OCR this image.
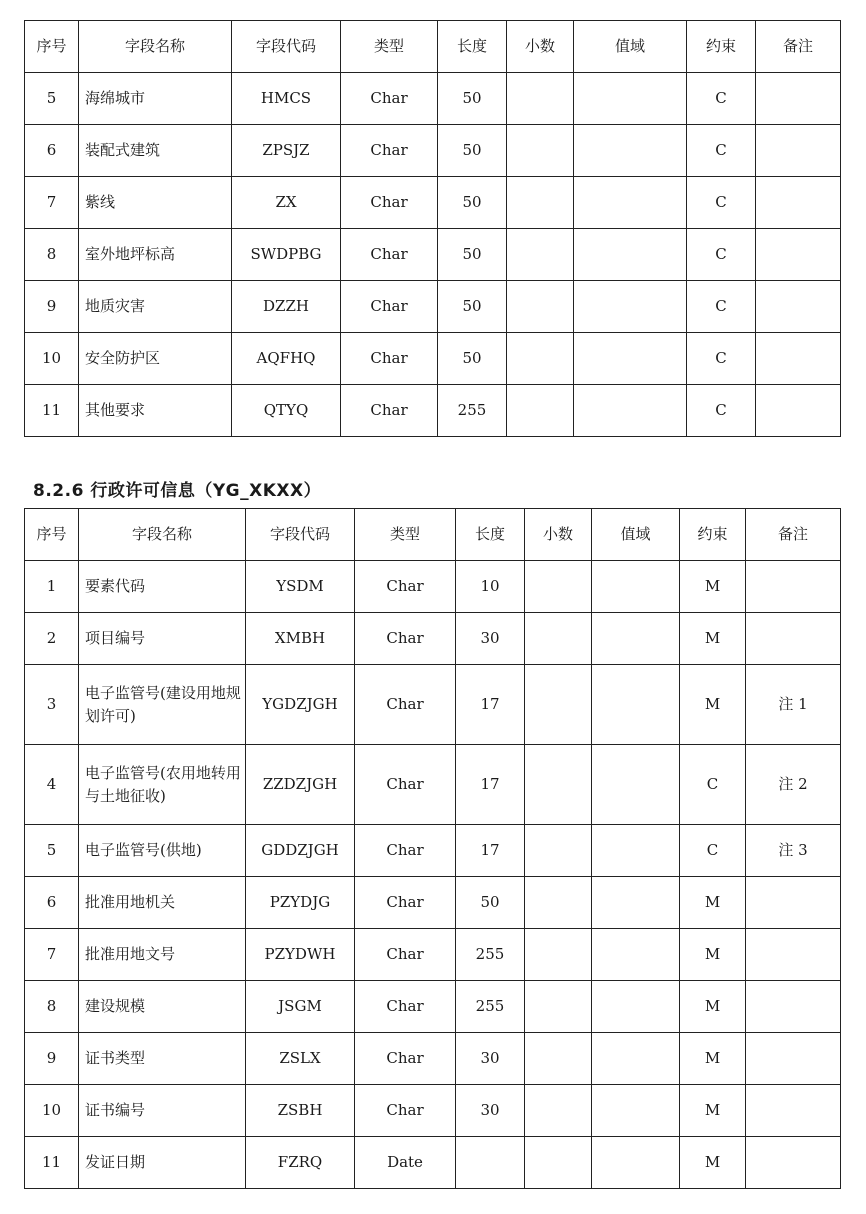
序号	字段名称	字段代码	类型	长度	小数	值域	约束	备注
5	海绵城市	HMCS	Char	50			C	
6	装配式建筑	ZPSJZ	Char	50			C	
7	紫线	ZX	Char	50			C	
8	室外地坪标高	SWDPBG	Char	50			C	
9	地质灾害	DZZH	Char	50			C	
10	安全防护区	AQFHQ	Char	50			C	
11	其他要求	QTYQ	Char	255			C	
8.2.6 行政许可信息（YG_XKXX）
序号	字段名称	字段代码	类型	长度	小数	值域	约束	备注
1	要素代码	YSDM	Char	10			M	
2	项目编号	XMBH	Char	30			M	
3	电子监管号(建设用地规划许可)	YGDZJGH	Char	17			M	注 1
4	电子监管号(农用地转用与土地征收)	ZZDZJGH	Char	17			C	注 2
5	电子监管号(供地)	GDDZJGH	Char	17			C	注 3
6	批准用地机关	PZYDJG	Char	50			M	
7	批准用地文号	PZYDWH	Char	255			M	
8	建设规模	JSGM	Char	255			M	
9	证书类型	ZSLX	Char	30			M	
10	证书编号	ZSBH	Char	30			M	
11	发证日期	FZRQ	Date				M	
